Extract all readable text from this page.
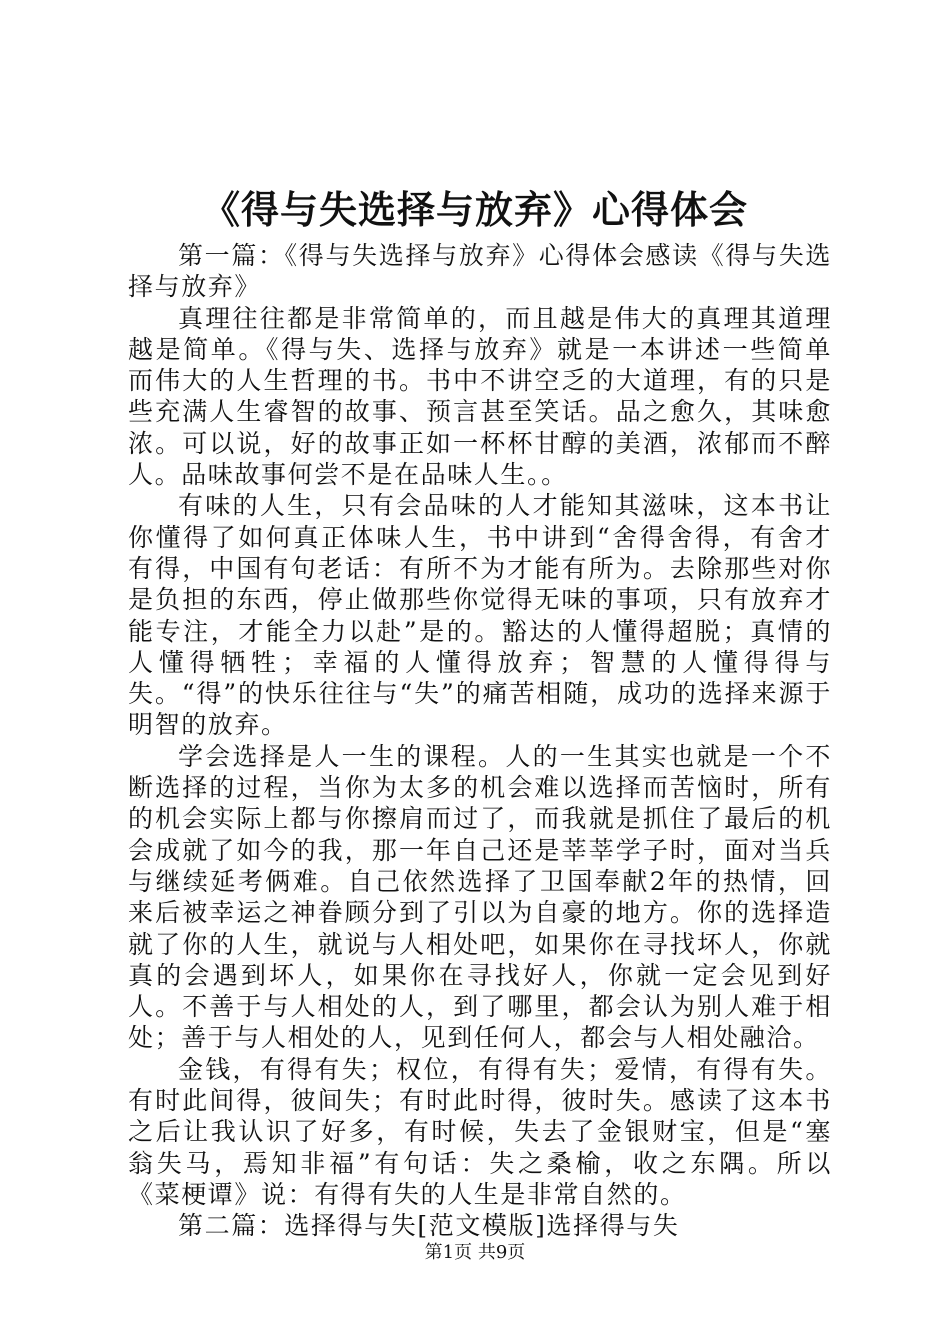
《得与失选择与放弃》心得体会

第一篇：《得与失选择与放弃》心得体会感读《得与失选择与放弃》

真理往往都是非常简单的，而且越是伟大的真理其道理越是简单。《得与失、选择与放弃》就是一本讲述一些简单而伟大的人生哲理的书。书中不讲空乏的大道理，有的只是些充满人生睿智的故事、预言甚至笑话。品之愈久，其味愈浓。可以说，好的故事正如一杯杯甘醇的美酒，浓郁而不醉人。品味故事何尝不是在品味人生。。

有味的人生，只有会品味的人才能知其滋味，这本书让你懂得了如何真正体味人生，书中讲到“舍得舍得，有舍才有得，中国有句老话：有所不为才能有所为。去除那些对你是负担的东西，停止做那些你觉得无味的事项，只有放弃才能专注，才能全力以赴”是的。豁达的人懂得超脱；真情的人懂得牺牲；幸福的人懂得放弃；智慧的人懂得得与失。“得”的快乐往往与“失”的痛苦相随，成功的选择来源于明智的放弃。

学会选择是人一生的课程。人的一生其实也就是一个不断选择的过程，当你为太多的机会难以选择而苦恼时，所有的机会实际上都与你擦肩而过了，而我就是抓住了最后的机会成就了如今的我，那一年自己还是莘莘学子时，面对当兵与继续延考俩难。自己依然选择了卫国奉献2年的热情，回来后被幸运之神眷顾分到了引以为自豪的地方。你的选择造就了你的人生，就说与人相处吧，如果你在寻找坏人，你就真的会遇到坏人，如果你在寻找好人，你就一定会见到好人。不善于与人相处的人，到了哪里，都会认为别人难于相处；善于与人相处的人，见到任何人，都会与人相处融洽。

金钱，有得有失；权位，有得有失；爱情，有得有失。有时此间得，彼间失；有时此时得，彼时失。感读了这本书之后让我认识了好多，有时候，失去了金银财宝，但是“塞翁失马，焉知非福”有句话：失之桑榆，收之东隅。所以《菜梗谭》说：有得有失的人生是非常自然的。

第二篇：选择得与失[范文模版]选择得与失

第1页 共9页
